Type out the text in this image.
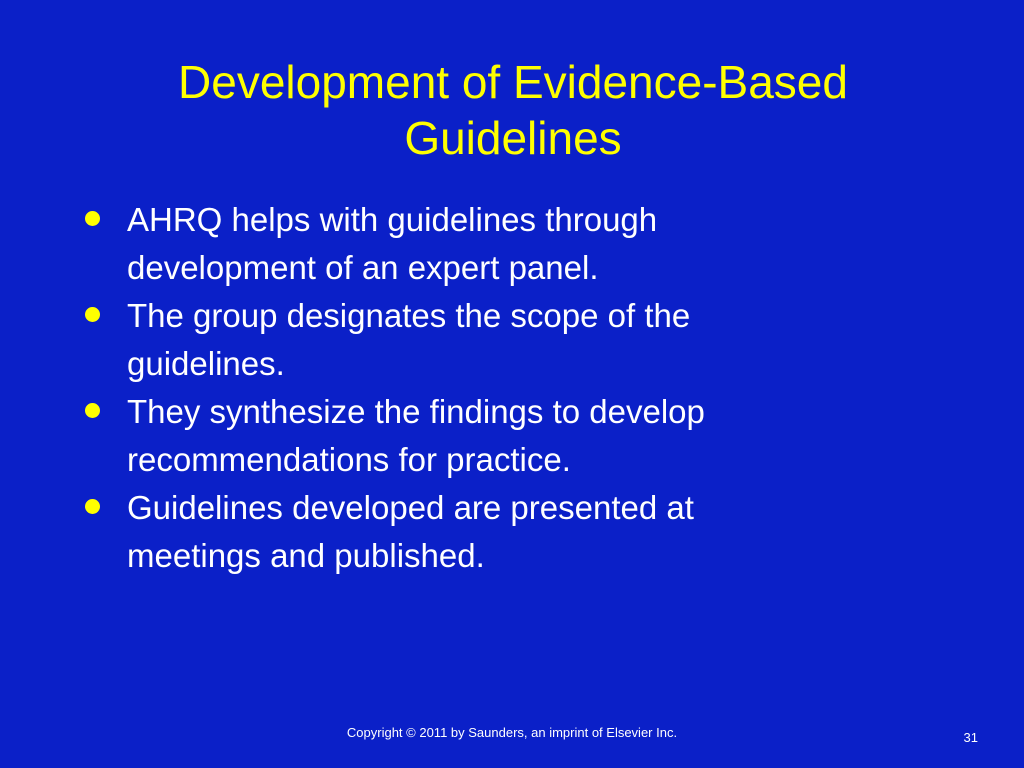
Development of Evidence-Based
Guidelines
AHRQ helps with guidelines through
development of an expert panel.
The group designates the scope of the
guidelines.
They synthesize the findings to develop
recommendations for practice.
Guidelines developed are presented at
meetings and published.
Copyright © 2011 by Saunders, an imprint of Elsevier Inc.	31
